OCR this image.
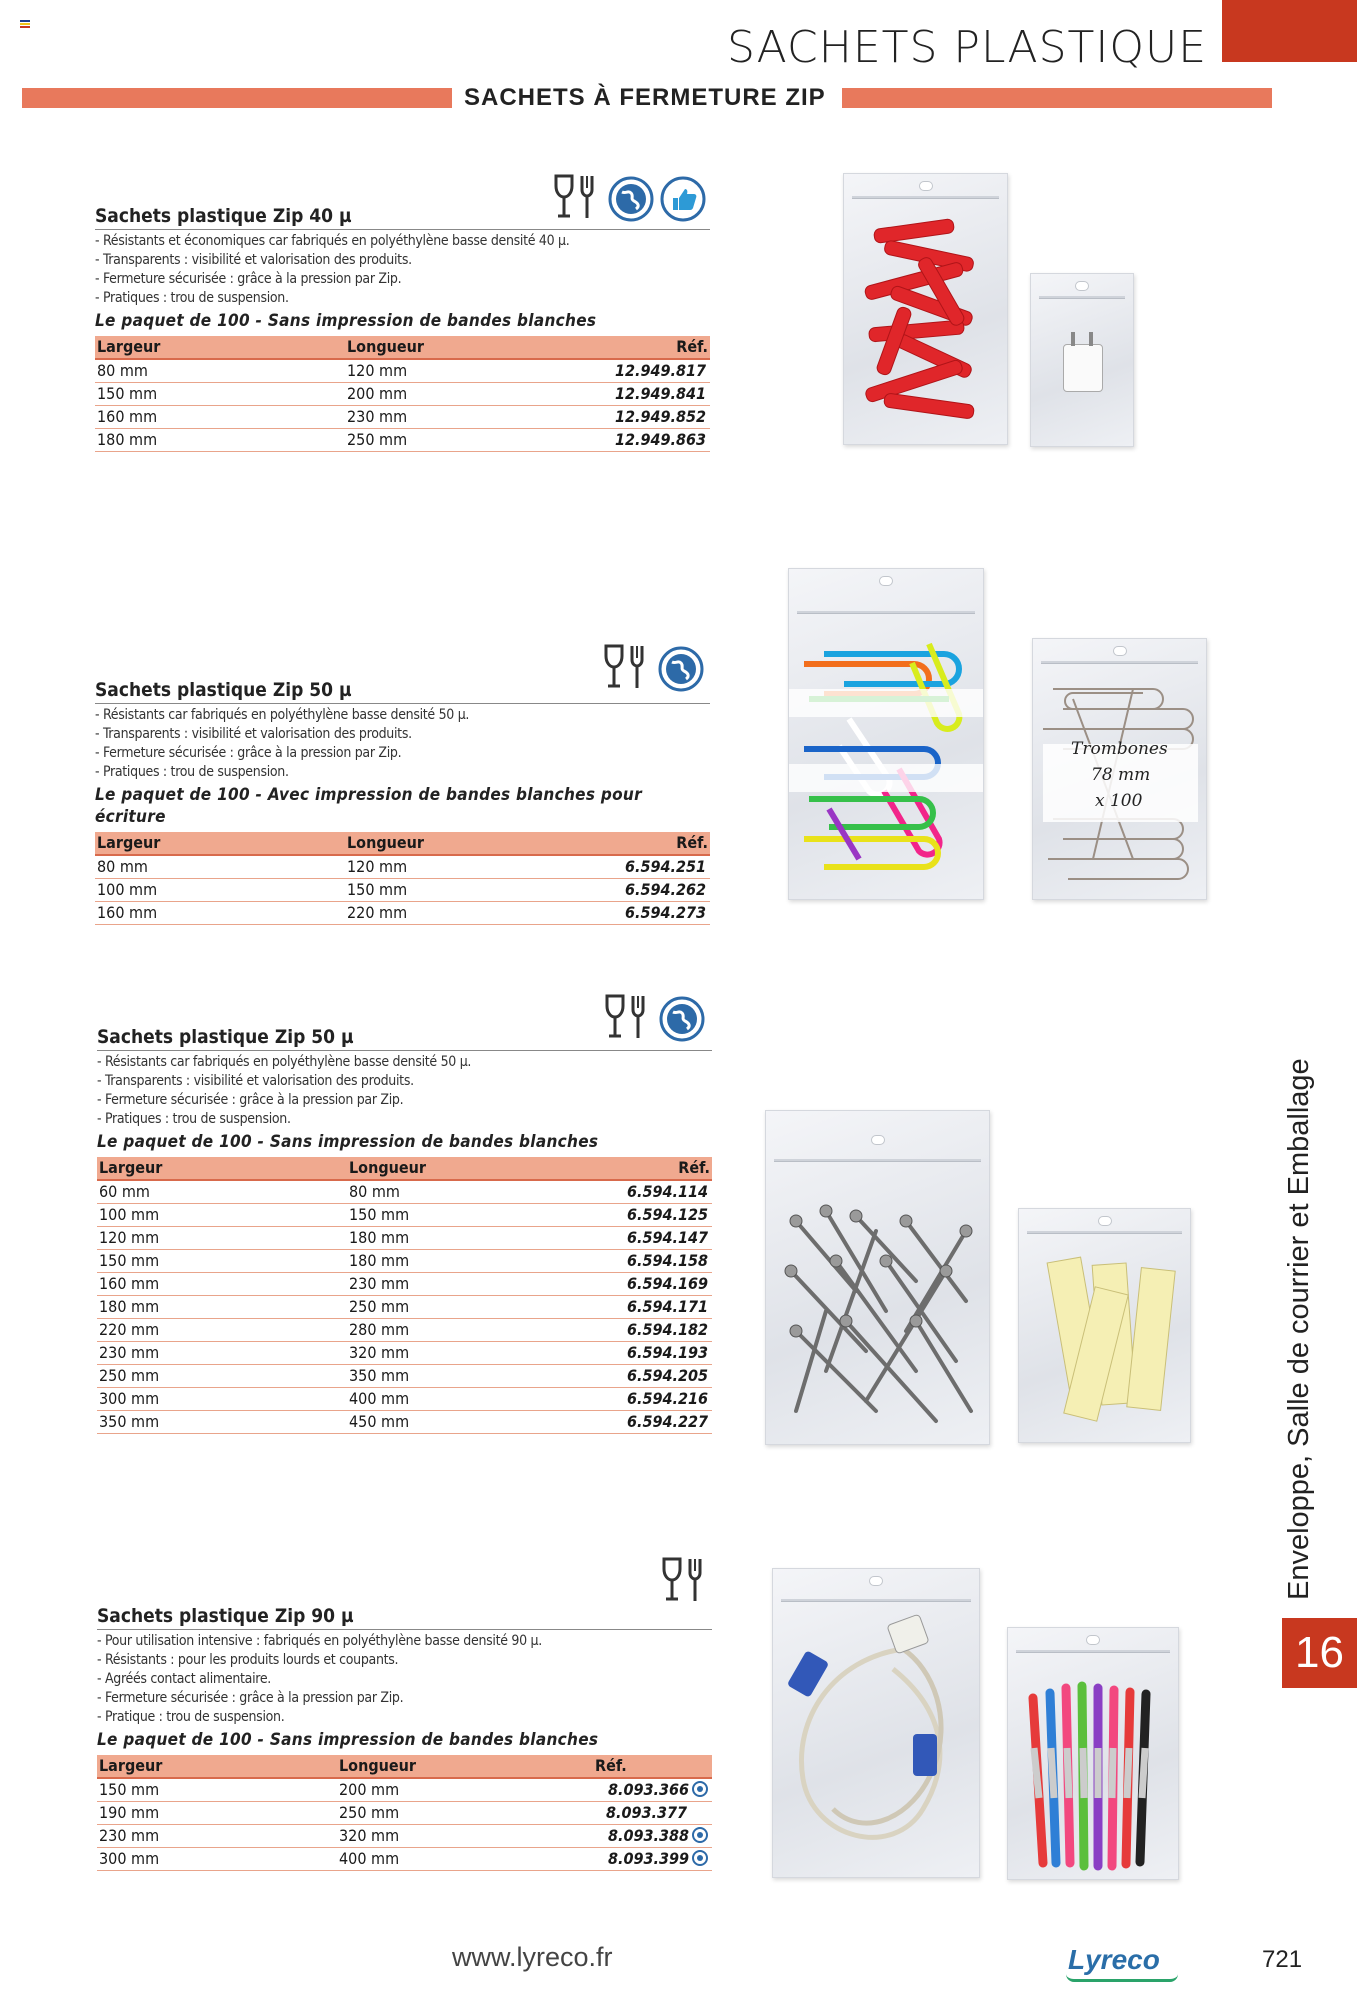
SACHETS PLASTIQUE
SACHETS À FERMETURE ZIP
Enveloppe, Salle de courrier et Emballage
16
Sachets plastique Zip 40 µ
- Résistants et économiques car fabriqués en polyéthylène basse densité 40 µ.
- Transparents : visibilité et valorisation des produits.
- Fermeture sécurisée : grâce à la pression par Zip.
- Pratiques : trou de suspension.
Le paquet de 100 - Sans impression de bandes blanches
Largeur	Longueur	Réf.
80 mm	120 mm	12.949.817
150 mm	200 mm	12.949.841
160 mm	230 mm	12.949.852
180 mm	250 mm	12.949.863
Sachets plastique Zip 50 µ
- Résistants car fabriqués en polyéthylène basse densité 50 µ.
- Transparents : visibilité et valorisation des produits.
- Fermeture sécurisée : grâce à la pression par Zip.
- Pratiques : trou de suspension.
Le paquet de 100 - Avec impression de bandes blanches pour écriture
Largeur	Longueur	Réf.
80 mm	120 mm	6.594.251
100 mm	150 mm	6.594.262
160 mm	220 mm	6.594.273
Sachets plastique Zip 50 µ
- Résistants car fabriqués en polyéthylène basse densité 50 µ.
- Transparents : visibilité et valorisation des produits.
- Fermeture sécurisée : grâce à la pression par Zip.
- Pratiques : trou de suspension.
Le paquet de 100 - Sans impression de bandes blanches
Largeur	Longueur	Réf.
60 mm	80 mm	6.594.114
100 mm	150 mm	6.594.125
120 mm	180 mm	6.594.147
150 mm	180 mm	6.594.158
160 mm	230 mm	6.594.169
180 mm	250 mm	6.594.171
220 mm	280 mm	6.594.182
230 mm	320 mm	6.594.193
250 mm	350 mm	6.594.205
300 mm	400 mm	6.594.216
350 mm	450 mm	6.594.227
Sachets plastique Zip 90 µ
- Pour utilisation intensive : fabriqués en polyéthylène basse densité 90 µ.
- Résistants : pour les produits lourds et coupants.
- Agréés contact alimentaire.
- Fermeture sécurisée : grâce à la pression par Zip.
- Pratique : trou de suspension.
Le paquet de 100 - Sans impression de bandes blanches
Largeur	Longueur	Réf.
150 mm	200 mm	8.093.366
190 mm	250 mm	8.093.377
230 mm	320 mm	8.093.388
300 mm	400 mm	8.093.399
Trombones
78 mm
x 100
www.lyreco.fr	Lyreco	721
